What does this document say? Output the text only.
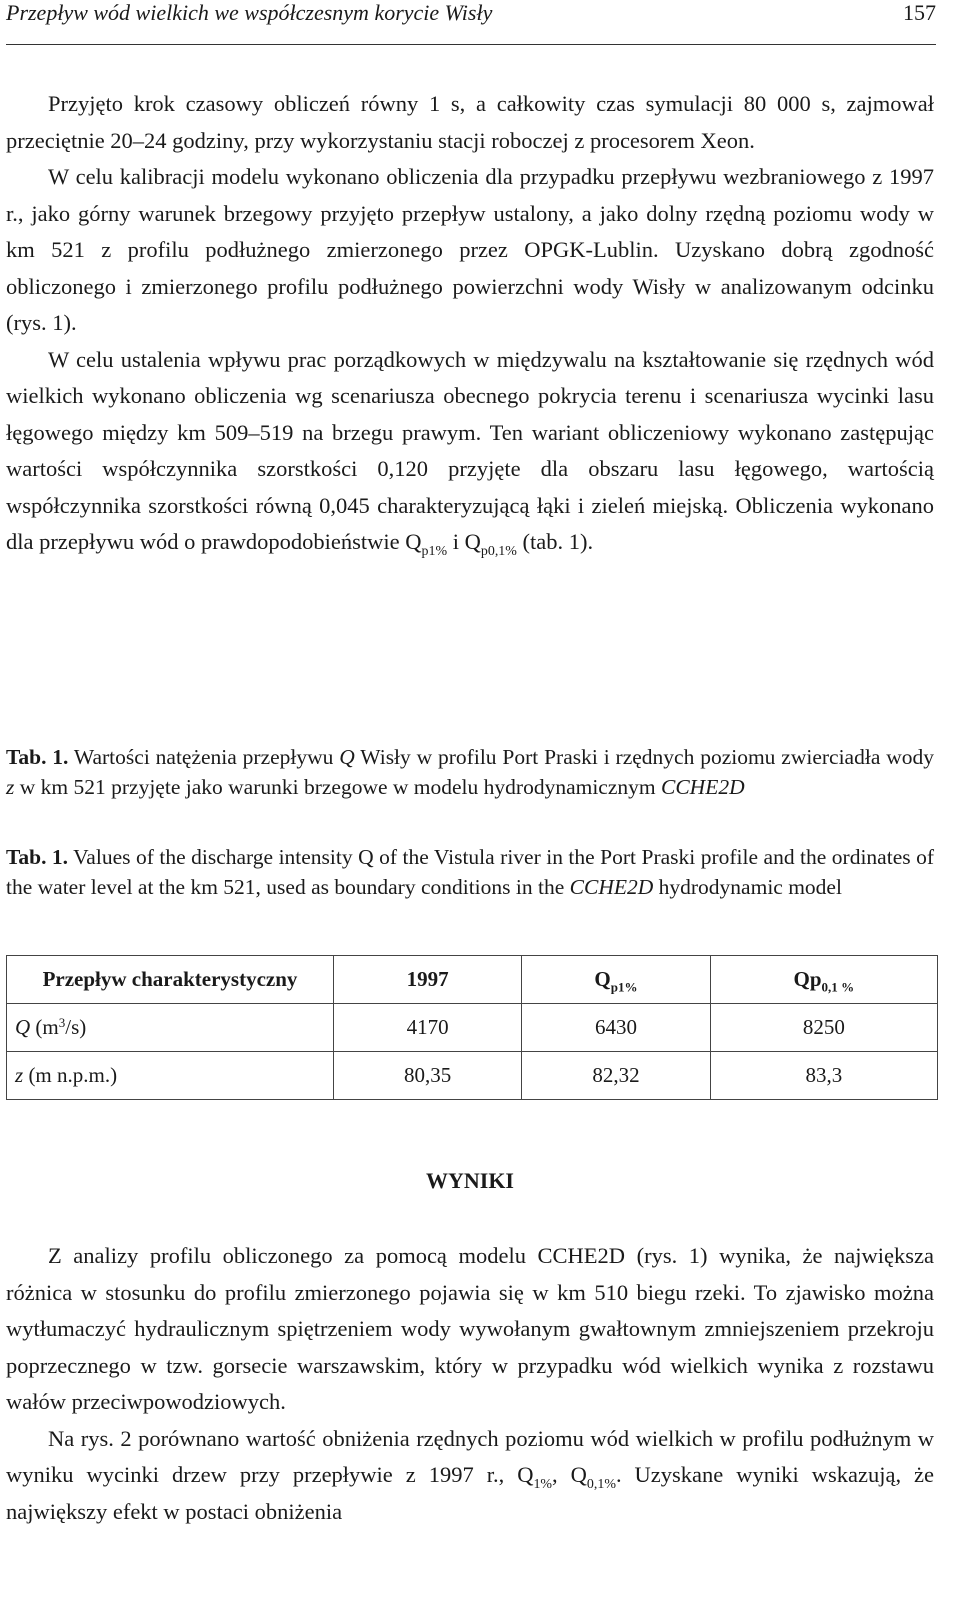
Przepływ wód wielkich we współczesnym korycie Wisły	157

Przyjęto krok czasowy obliczeń równy 1 s, a całkowity czas symulacji 80 000 s, zajmował przeciętnie 20–24 godziny, przy wykorzystaniu stacji roboczej z procesorem Xeon.

W celu kalibracji modelu wykonano obliczenia dla przypadku przepływu wezbraniowego z 1997 r., jako górny warunek brzegowy przyjęto przepływ ustalony, a jako dolny rzędną poziomu wody w km 521 z profilu podłużnego zmierzonego przez OPGK-Lublin. Uzyskano dobrą zgodność obliczonego i zmierzonego profilu podłużnego powierzchni wody Wisły w analizowanym odcinku (rys. 1).

W celu ustalenia wpływu prac porządkowych w międzywalu na kształtowanie się rzędnych wód wielkich wykonano obliczenia wg scenariusza obecnego pokrycia terenu i scenariusza wycinki lasu łęgowego między km 509–519 na brzegu prawym. Ten wariant obliczeniowy wykonano zastępując wartości współczynnika szorstkości 0,120 przyjęte dla obszaru lasu łęgowego, wartością współczynnika szorstkości równą 0,045 charakteryzującą łąki i zieleń miejską. Obliczenia wykonano dla przepływu wód o prawdopodobieństwie $Q_{p1\%}$ i $Q_{p0,1\%}$ (tab. 1).

Tab. 1. Wartości natężenia przepływu Q Wisły w profilu Port Praski i rzędnych poziomu zwierciadła wody z w km 521 przyjęte jako warunki brzegowe w modelu hydrodynamicznym CCHE2D

Tab. 1. Values of the discharge intensity Q of the Vistula river in the Port Praski profile and the ordinates of the water level at the km 521, used as boundary conditions in the CCHE2D hydrodynamic model

Przepływ charakterystyczny	1997	$Q_{p1\%}$	$Qp_{0,1 \%}$
Q $(m^3/s)$	4170	6430	8250
z (m n.p.m.)	80,35	82,32	83,3
WYNIKI

Z analizy profilu obliczonego za pomocą modelu CCHE2D (rys. 1) wynika, że największa różnica w stosunku do profilu zmierzonego pojawia się w km 510 biegu rzeki. To zjawisko można wytłumaczyć hydraulicznym spiętrzeniem wody wywołanym gwałtownym zmniejszeniem przekroju poprzecznego w tzw. gorsecie warszawskim, który w przypadku wód wielkich wynika z rozstawu wałów przeciwpowodziowych.

Na rys. 2 porównano wartość obniżenia rzędnych poziomu wód wielkich w profilu podłużnym w wyniku wycinki drzew przy przepływie z 1997 r., $Q_{1\%}$, $Q_{0,1\%}$. Uzyskane wyniki wskazują, że największy efekt w postaci obniżenia
